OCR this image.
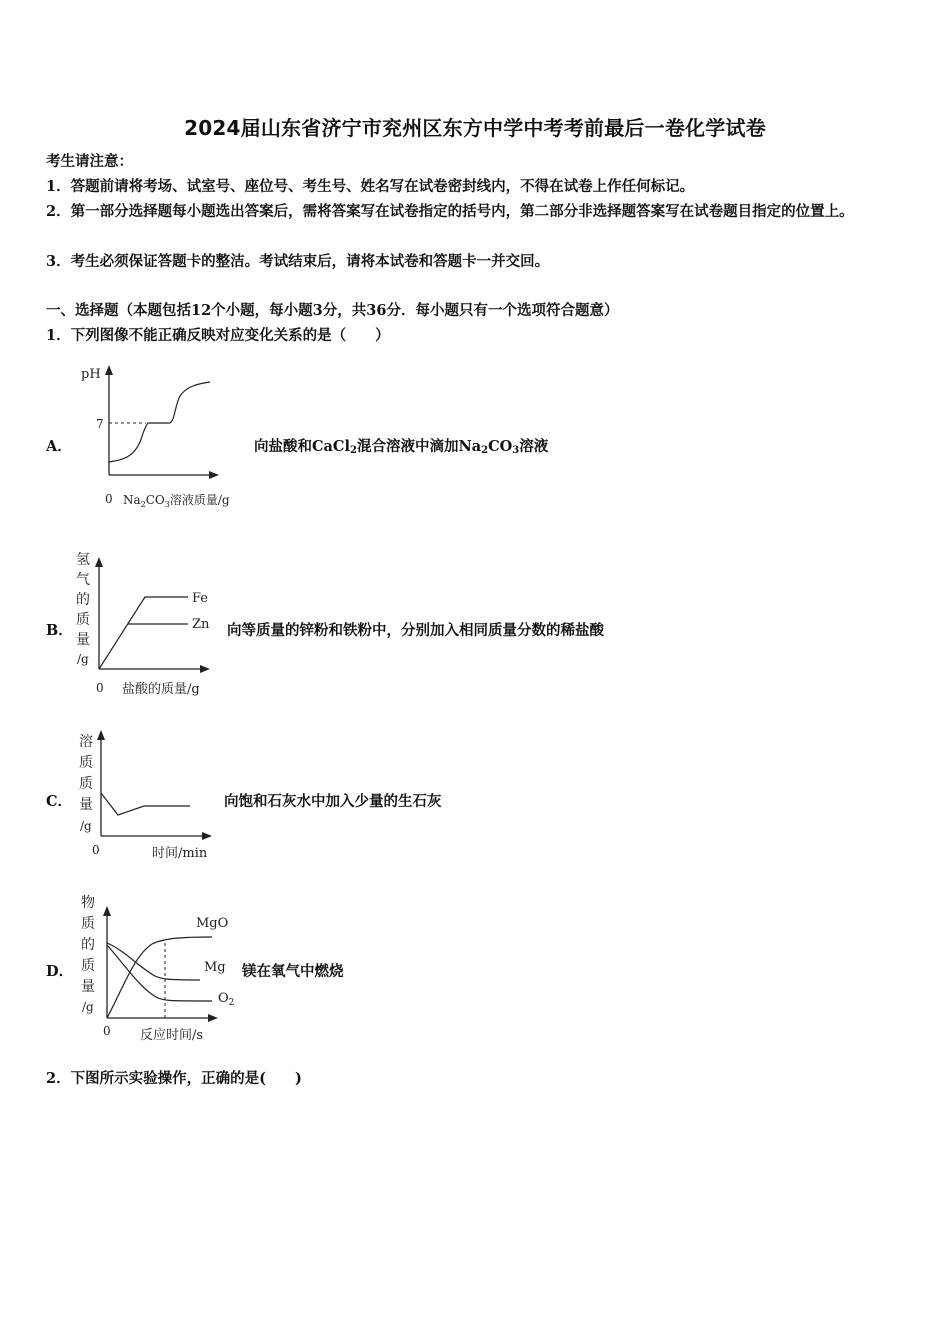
2024届山东省济宁市兖州区东方中学中考考前最后一卷化学试卷
考生请注意：
1．答题前请将考场、试室号、座位号、考生号、姓名写在试卷密封线内，不得在试卷上作任何标记。
2．第一部分选择题每小题选出答案后，需将答案写在试卷指定的括号内，第二部分非选择题答案写在试卷题目指定的位置上。
3．考生必须保证答题卡的整洁。考试结束后，请将本试卷和答题卡一并交回。
一、选择题（本题包括12个小题，每小题3分，共36分．每小题只有一个选项符合题意）
1．下列图像不能正确反映对应变化关系的是（　　）
A．
pH
7
0 $Na_2CO_3$溶液质量/g
向盐酸和CaCl$_2$混合溶液中滴加$Na_2CO_3$溶液
B．
氢
气
的
质
量
/g
0 盐酸的质量/g
Fe
Zn 向等质量的锌粉和铁粉中，分别加入相同质量分数的稀盐酸
C．
溶
质
质
量
/g
0	时间/min
向饱和石灰水中加入少量的生石灰
D．
物
质
的
质
量
/g
0 反应时间/s
MgO
Mg
$O_2$
镁在氧气中燃烧
2．下图所示实验操作，正确的是(　　)
